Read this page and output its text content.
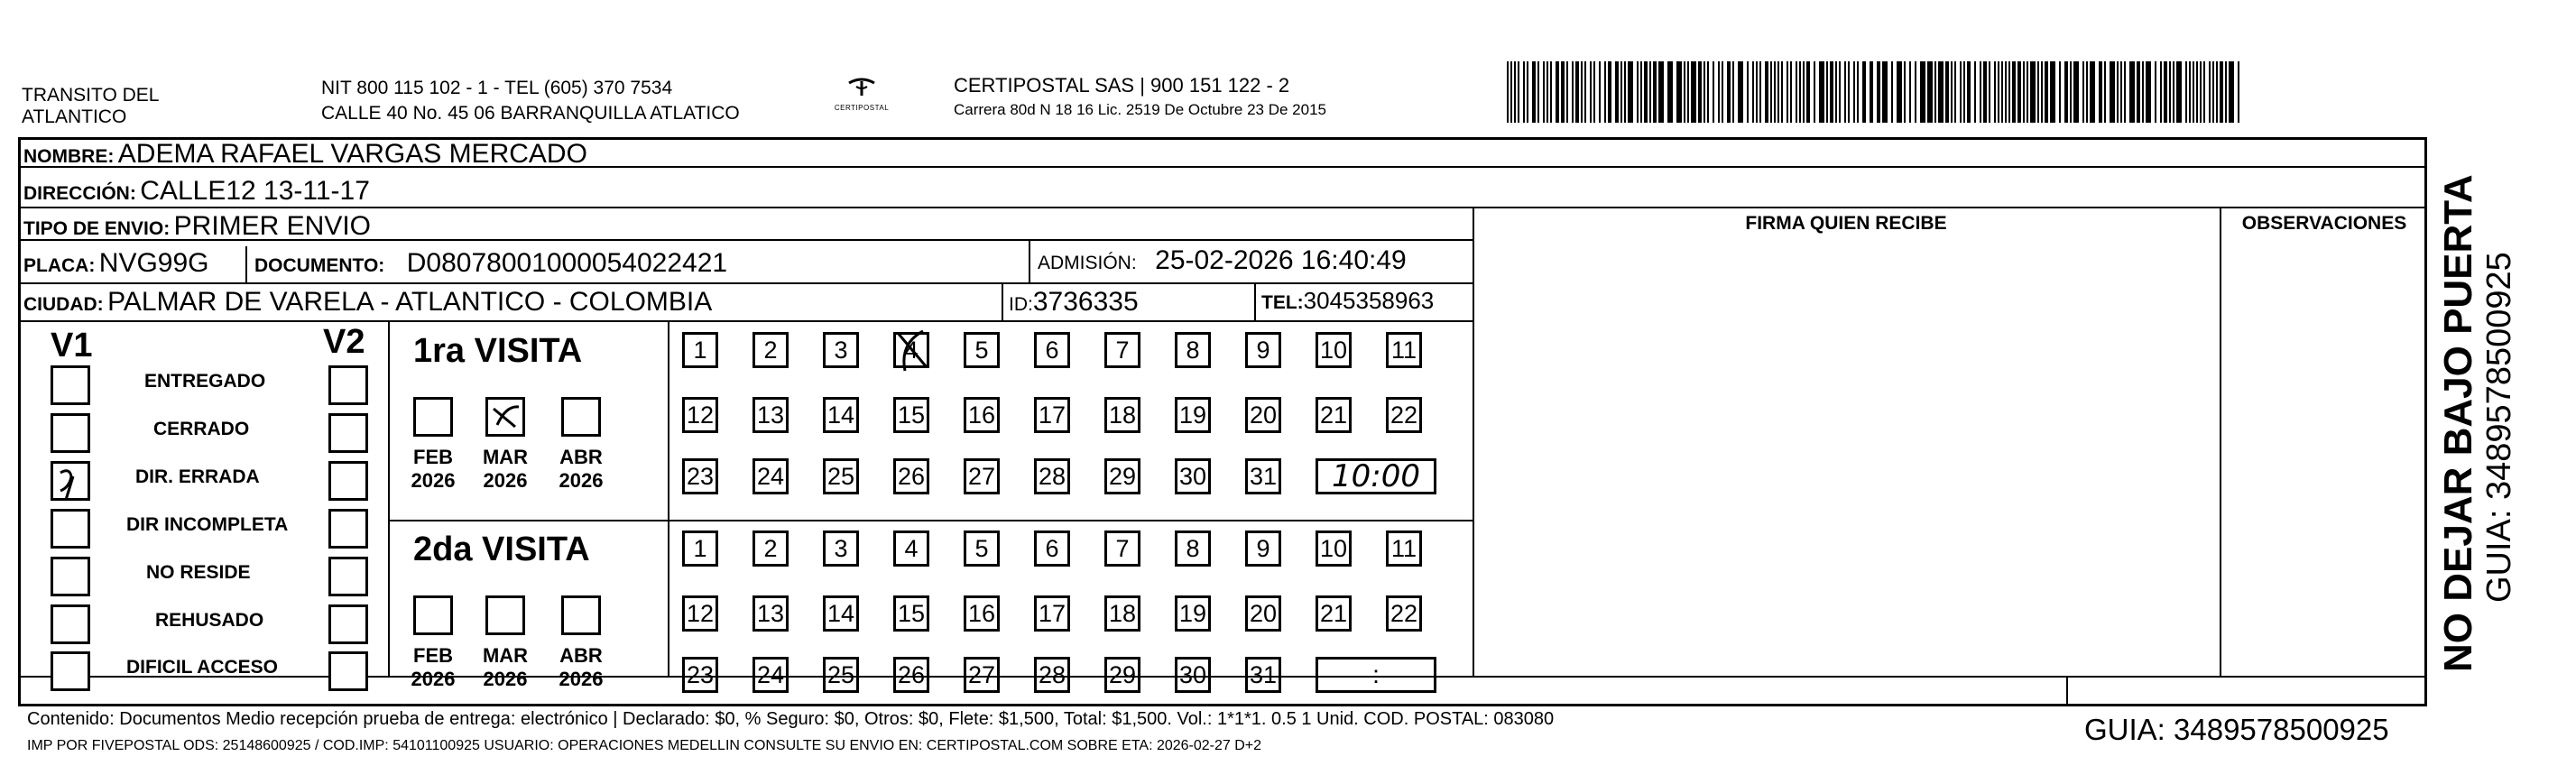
TRANSITO DEL
ATLANTICO
NIT 800 115 102 - 1 - TEL (605) 370 7534
CALLE 40 No. 45 06 BARRANQUILLA ATLATICO	CERTIPOSTAL
CERTIPOSTAL SAS | 900 151 122 - 2
Carrera 80d N 18 16 Lic. 2519 De Octubre 23 De 2015
NOMBRE: ADEMA RAFAEL VARGAS MERCADO
DIRECCIÓN: CALLE12 13-11-17
TIPO DE ENVIO: PRIMER ENVIO	FIRMA QUIEN RECIBE	OBSERVACIONES
PLACA: NVG99G DOCUMENTO: D08078001000054022421	ADMISIÓN: 25-02-2026 16:40:49
CIUDAD: PALMAR DE VARELA - ATLANTICO - COLOMBIA	ID:3736335	TEL:3045358963
V1	V2
ENTREGADO
CERRADO
DIR. ERRADA
DIR INCOMPLETA
NO RESIDE
REHUSADO
DIFICIL ACCESO
1ra VISITA
FEB
2026
MAR
2026
ABR
2026
1	2	3	4	5	6	7	8	9	10 11
12 13 14 15 16 17 18 19 20 21 22
23 24 25 26 27 28 29 30 31	10:00
2da VISITA
FEB
2026
MAR
2026
ABR
2026
1	2	3	4	5	6	7	8	9	10 11
12 13 14 15 16 17 18 19 20 21 22
23 24 25 26 27 28 29 30 31	:
Contenido: Documentos Medio recepción prueba de entrega: electrónico | Declarado: $0, % Seguro: $0, Otros: $0, Flete: $1,500, Total: $1,500. Vol.: 1*1*1. 0.5 1 Unid. COD. POSTAL: 083080
IMP POR FIVEPOSTAL ODS: 25148600925 / COD.IMP: 54101100925 USUARIO: OPERACIONES MEDELLIN CONSULTE SU ENVIO EN: CERTIPOSTAL.COM SOBRE ETA: 2026-02-27 D+2	GUIA: 3489578500925
NO DEJAR BAJO PUERTA GUIA: 3489578500925
